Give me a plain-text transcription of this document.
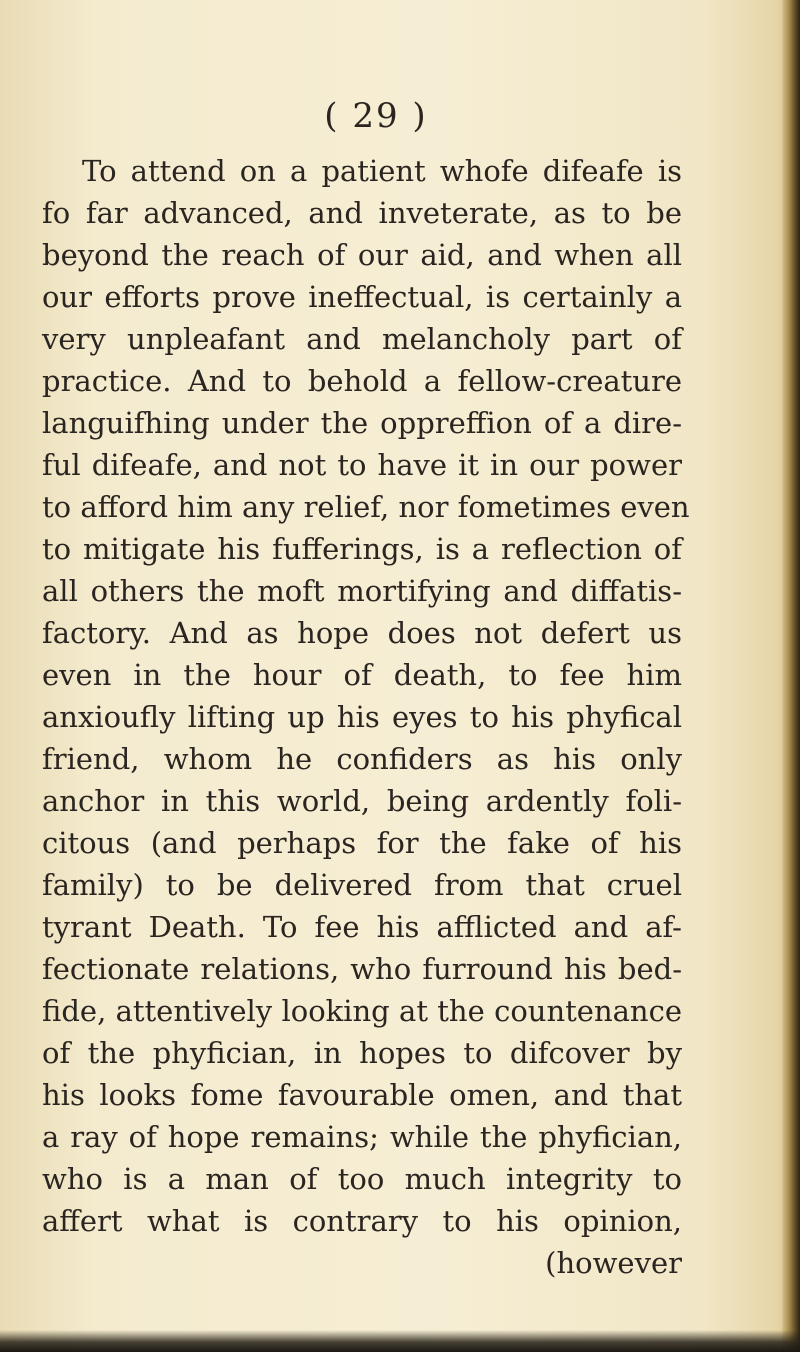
( 29 )
To attend on a patient whofe difeafe is
fo far advanced, and inveterate, as to be
beyond the reach of our aid, and when all
our efforts prove ineffectual, is certainly a
very unpleafant and melancholy part of
practice. And to behold a fellow-creature
languifhing under the oppreffion of a dire-
ful difeafe, and not to have it in our power
to afford him any relief, nor fometimes even
to mitigate his fufferings, is a reflection of
all others the moft mortifying and diffatis-
factory. And as hope does not defert us
even in the hour of death, to fee him
anxioufly lifting up his eyes to his phyfical
friend, whom he confiders as his only
anchor in this world, being ardently foli-
citous (and perhaps for the fake of his
family) to be delivered from that cruel
tyrant Death. To fee his afflicted and af-
fectionate relations, who furround his bed-
fide, attentively looking at the countenance
of the phyfician, in hopes to difcover by
his looks fome favourable omen, and that
a ray of hope remains; while the phyfician,
who is a man of too much integrity to
affert what is contrary to his opinion,
(however
